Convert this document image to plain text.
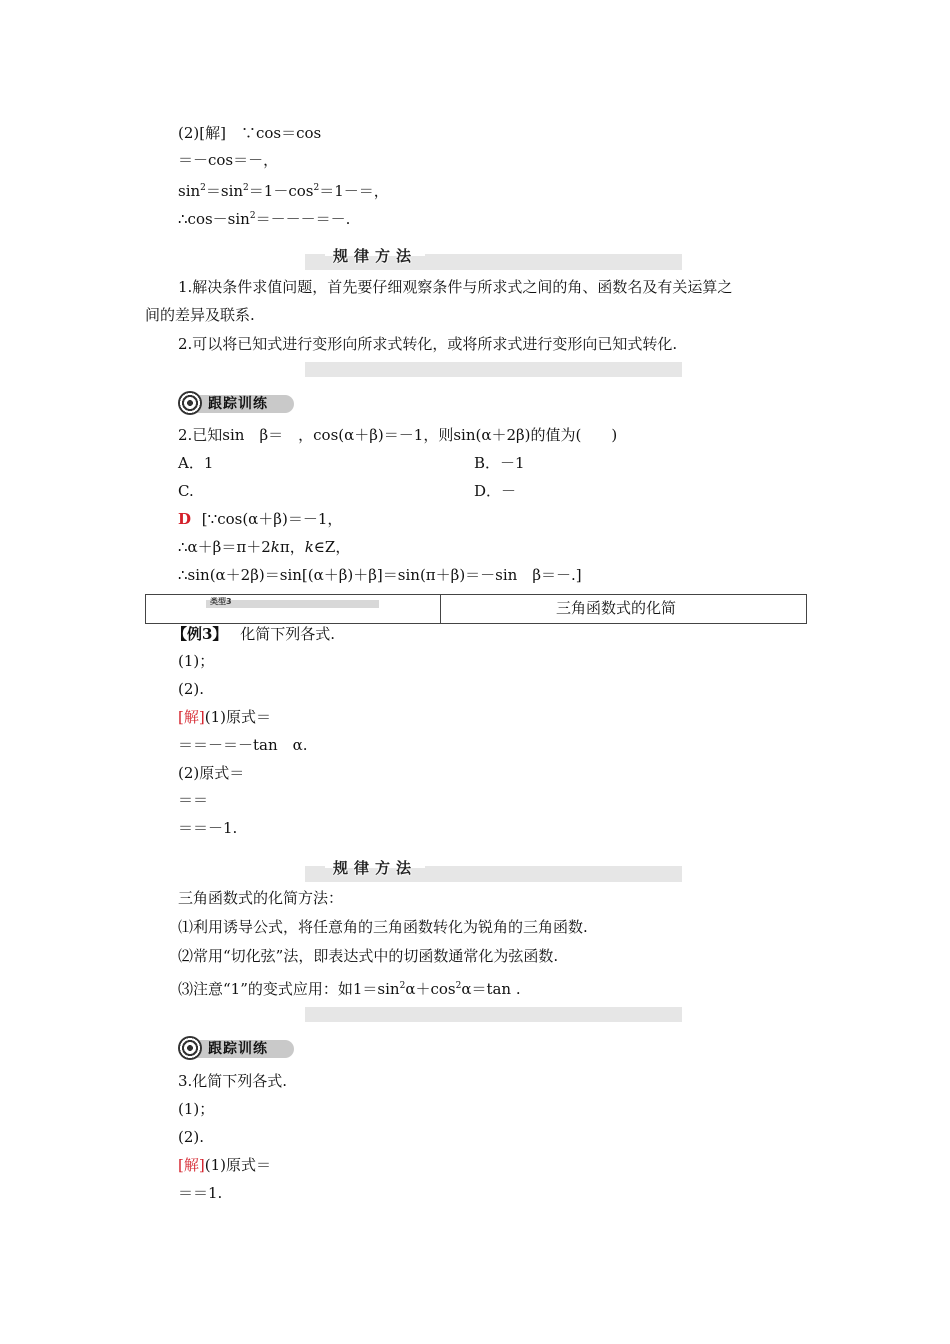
(2)[解]　∵cos＝cos
＝－cos＝－，
$\sin^2=\sin^2=1-\cos^2=1-=$，
$\therefore\cos-\sin^2=---=-$.
规律方法
1.解决条件求值问题，首先要仔细观察条件与所求式之间的角、函数名及有关运算之
间的差异及联系.
2.可以将已知式进行变形向所求式转化，或将所求式进行变形向已知式转化.
跟踪训练
2.已知sin　β＝　，cos(α＋β)＝－1，则sin(α＋2β)的值为(　　)
A．1	B．－1
C.	D．－
D [∵cos(α＋β)＝－1，
∴α＋β＝π＋2kπ，k∈Z，
∴sin(α＋2β)＝sin[(α＋β)＋β]＝sin(π＋β)＝－sin　β＝－.]
类型3	三角函数式的化简
【例3】 化简下列各式.
(1)；
(2).
[解](1)原式＝
＝＝－＝－tan　α.
(2)原式＝
＝＝
＝＝－1.
规律方法
三角函数式的化简方法：
⑴利用诱导公式，将任意角的三角函数转化为锐角的三角函数.
⑵常用“切化弦”法，即表达式中的切函数通常化为弦函数.
⑶注意“1”的变式应用：如$1=\sin^2\alpha+\cos^2\alpha=\tan$ .
跟踪训练
3.化简下列各式.
(1)；
(2).
[解](1)原式＝
＝＝1.
